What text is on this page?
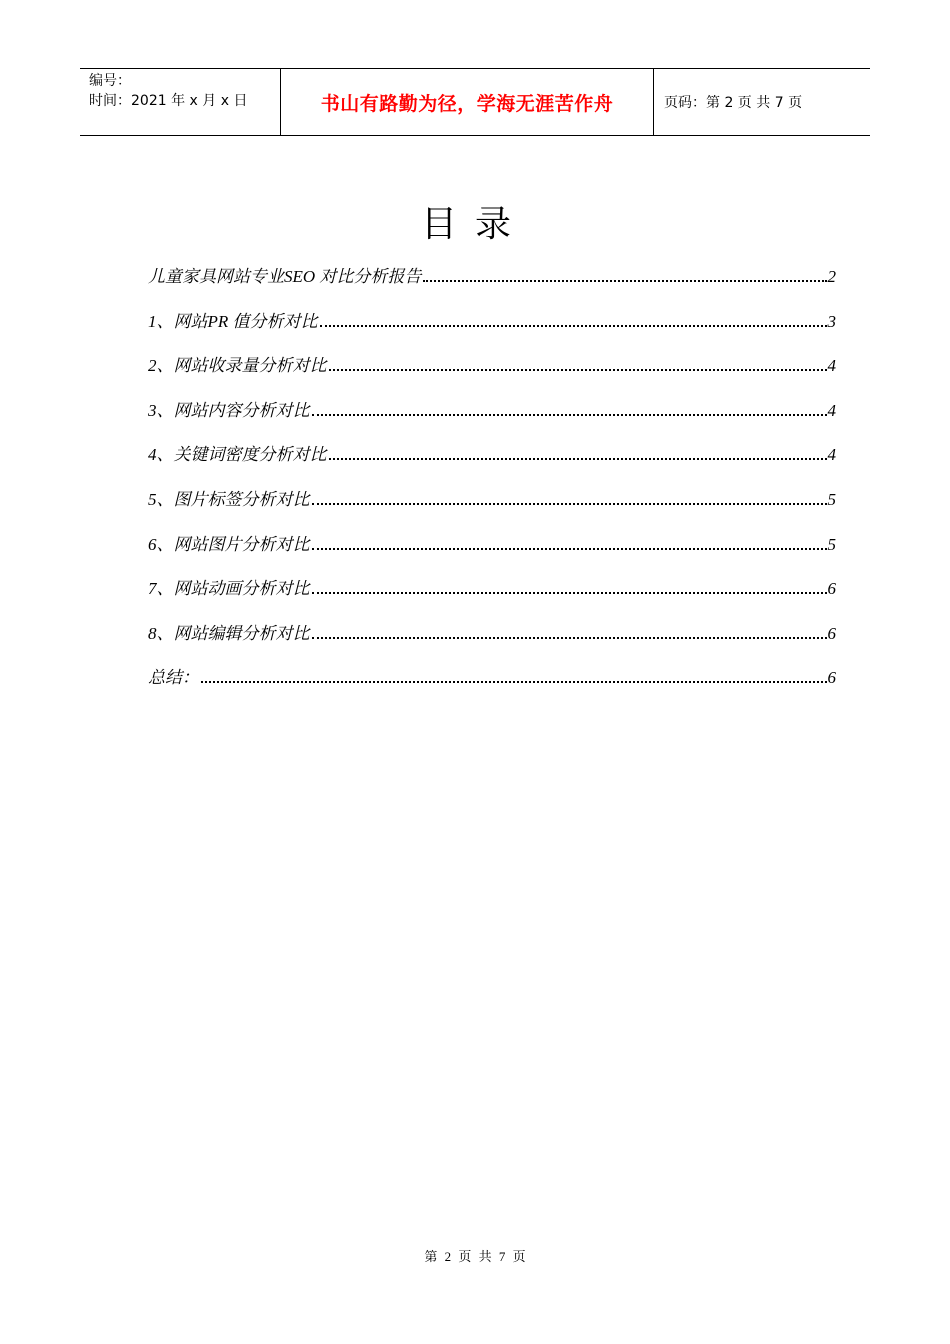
编号：
时间：2021 年 x 月 x 日	书山有路勤为径，学海无涯苦作舟	页码：第 2 页 共 7 页
目录
儿童家具网站专业SEO 对比分析报告	2
1、网站PR 值分析对比	3
2、网站收录量分析对比	4
3、网站内容分析对比	4
4、关键词密度分析对比	4
5、图片标签分析对比	5
6、网站图片分析对比	5
7、网站动画分析对比	6
8、网站编辑分析对比	6
总结：	6
第 2 页 共 7 页
